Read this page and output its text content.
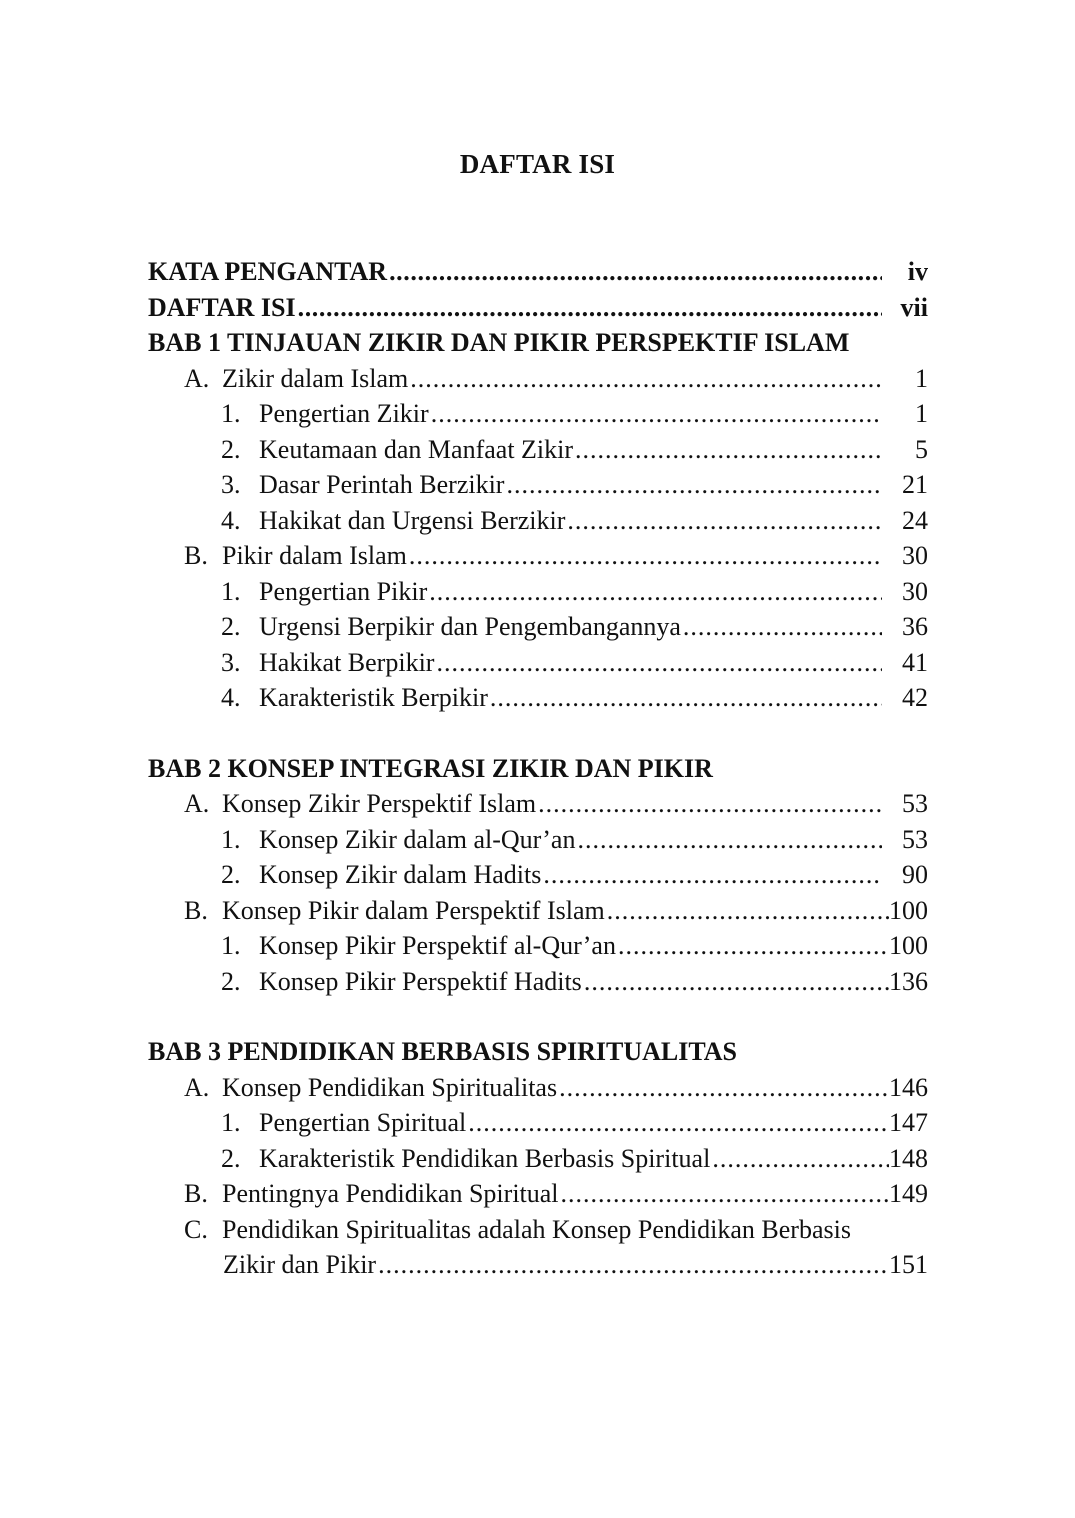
DAFTAR ISI
KATA PENGANTAR .....	iv
DAFTAR ISI .....	vii
BAB 1 TINJAUAN ZIKIR DAN PIKIR PERSPEKTIF ISLAM
A. Zikir dalam Islam .....	1
1. Pengertian Zikir .....	1
2. Keutamaan dan Manfaat Zikir .....	5
3. Dasar Perintah Berzikir .....	21
4. Hakikat dan Urgensi Berzikir .....	24
B. Pikir dalam Islam .....	30
1. Pengertian Pikir .....	30
2. Urgensi Berpikir dan Pengembangannya .....	36
3. Hakikat Berpikir .....	41
4. Karakteristik Berpikir .....	42
BAB 2 KONSEP INTEGRASI ZIKIR DAN PIKIR
A. Konsep Zikir Perspektif Islam .....	53
1. Konsep Zikir dalam al-Qur’an .....	53
2. Konsep Zikir dalam Hadits .....	90
B. Konsep Pikir dalam Perspektif Islam .....	100
1. Konsep Pikir Perspektif al-Qur’an .....	100
2. Konsep Pikir Perspektif Hadits .....	136
BAB 3 PENDIDIKAN BERBASIS SPIRITUALITAS
A. Konsep Pendidikan Spiritualitas .....	146
1. Pengertian Spiritual .....	147
2. Karakteristik Pendidikan Berbasis Spiritual .....	148
B. Pentingnya Pendidikan Spiritual .....	149
C. Pendidikan Spiritualitas adalah Konsep Pendidikan Berbasis
Zikir dan Pikir .....	151
